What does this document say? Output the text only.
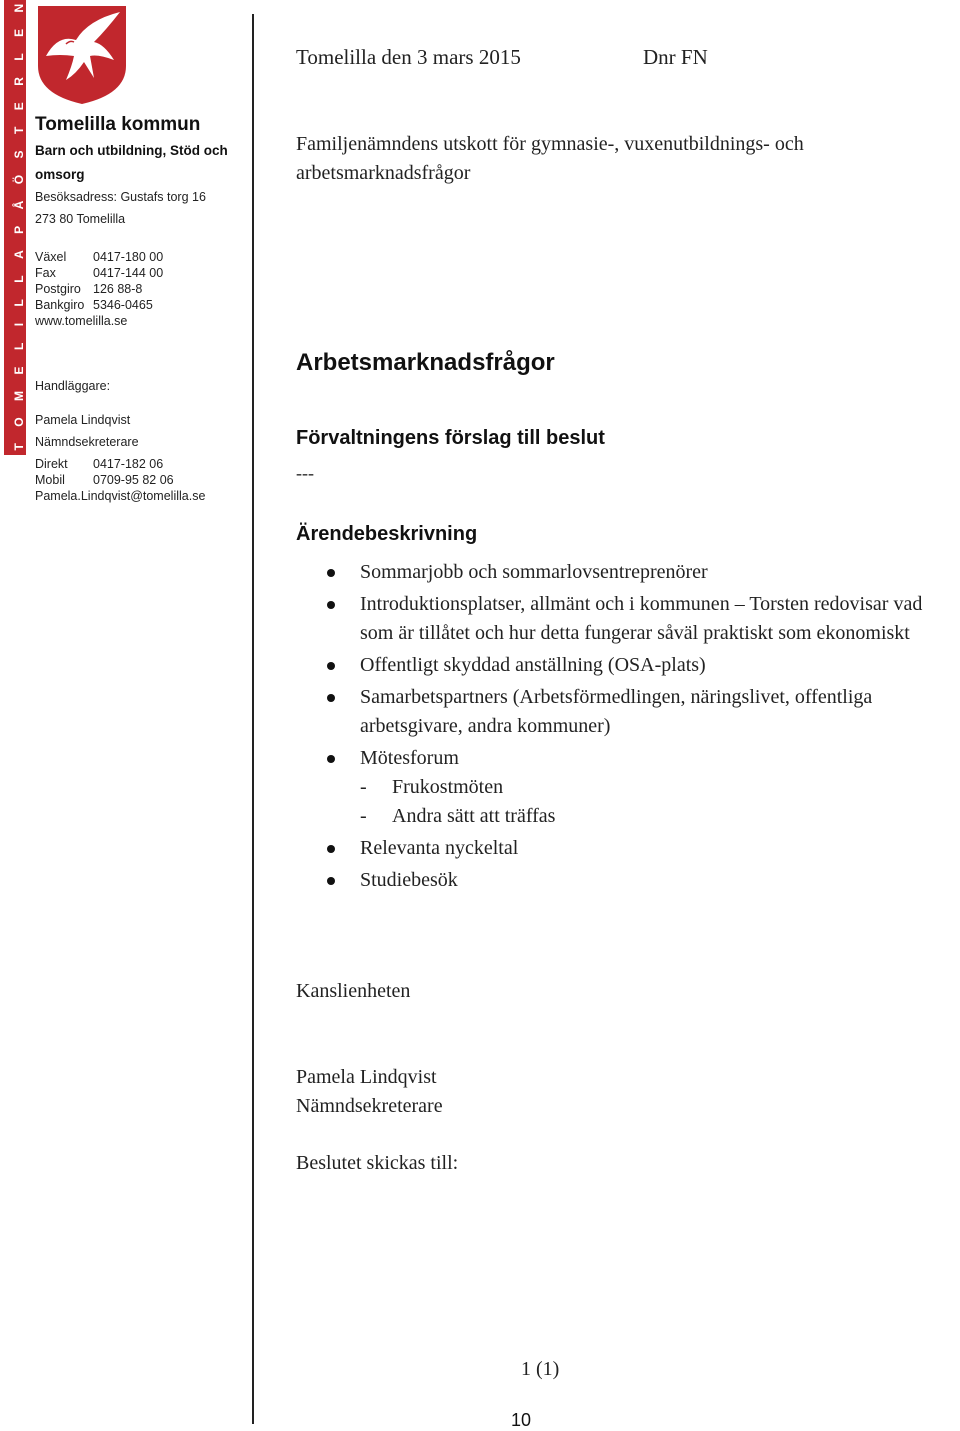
T
O
M
E
L
I
L
L
A
P
Å
Ö
S
T
E
R
L
E
N
Tomelilla kommun
Barn och utbildning, Stöd och omsorg
Besöksadress: Gustafs torg 16
273 80 Tomelilla
Växel	0417-180 00
Fax	0417-144 00
Postgiro 126 88-8
Bankgiro 5346-0465
www.tomelilla.se
Handläggare:
Pamela Lindqvist
Nämndsekreterare
Direkt	0417-182 06
Mobil	0709-95 82 06
Pamela.Lindqvist@tomelilla.se
Tomelilla den 3 mars 2015	Dnr FN
Familjenämndens utskott för gymnasie-, vuxenutbildnings- och arbetsmarknadsfrågor
Arbetsmarknadsfrågor
Förvaltningens förslag till beslut
---
Ärendebeskrivning
Sommarjobb och sommarlovsentreprenörer
Introduktionsplatser, allmänt och i kommunen – Torsten redovisar vad som är tillåtet och hur detta fungerar såväl praktiskt som ekonomiskt
Offentligt skyddad anställning (OSA-plats)
Samarbetspartners (Arbetsförmedlingen, näringslivet, offentliga arbetsgivare, andra kommuner)
Mötesforum
- Frukostmöten
- Andra sätt att träffas
Relevanta nyckeltal
Studiebesök
Kanslienheten
Pamela Lindqvist
Nämndsekreterare
Beslutet skickas till:
1 (1)
10
